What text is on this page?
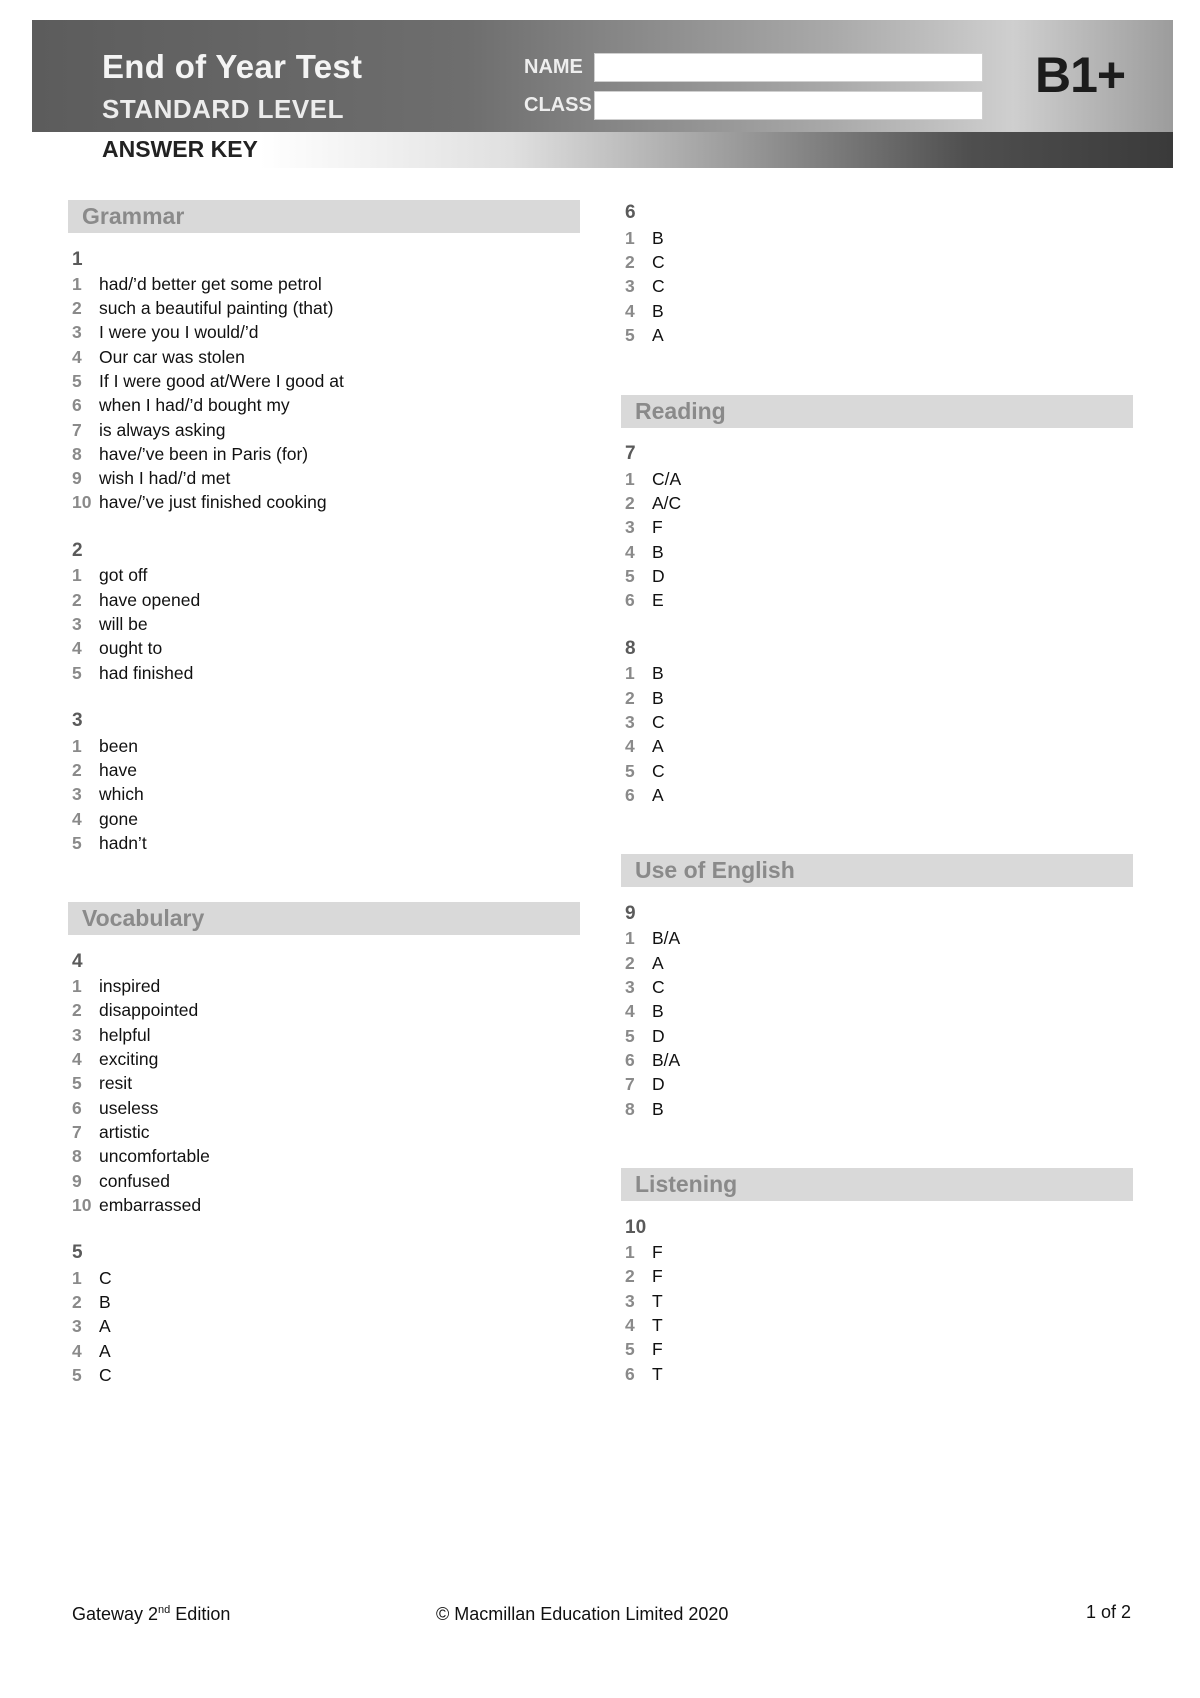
End of Year Test
STANDARD LEVEL
ANSWER KEY
NAME
CLASS
B1+
Grammar
1
1 had/’d better get some petrol
2 such a beautiful painting (that)
3 I were you I would/’d
4 Our car was stolen
5 If I were good at/Were I good at
6 when I had/’d bought my
7 is always asking
8 have/’ve been in Paris (for)
9 wish I had/’d met
10 have/’ve just finished cooking
2
1 got off
2 have opened
3 will be
4 ought to
5 had finished
3
1 been
2 have
3 which
4 gone
5 hadn’t
Vocabulary
4
1 inspired
2 disappointed
3 helpful
4 exciting
5 resit
6 useless
7 artistic
8 uncomfortable
9 confused
10 embarrassed
5
1 C
2 B
3 A
4 A
5 C
6
1 B
2 C
3 C
4 B
5 A
Reading
7
1 C/A
2 A/C
3 F
4 B
5 D
6 E
8
1 B
2 B
3 C
4 A
5 C
6 A
Use of English
9
1 B/A
2 A
3 C
4 B
5 D
6 B/A
7 D
8 B
Listening
10
1 F
2 F
3 T
4 T
5 F
6 T
Gateway 2nd Edition	© Macmillan Education Limited 2020	1 of 2
